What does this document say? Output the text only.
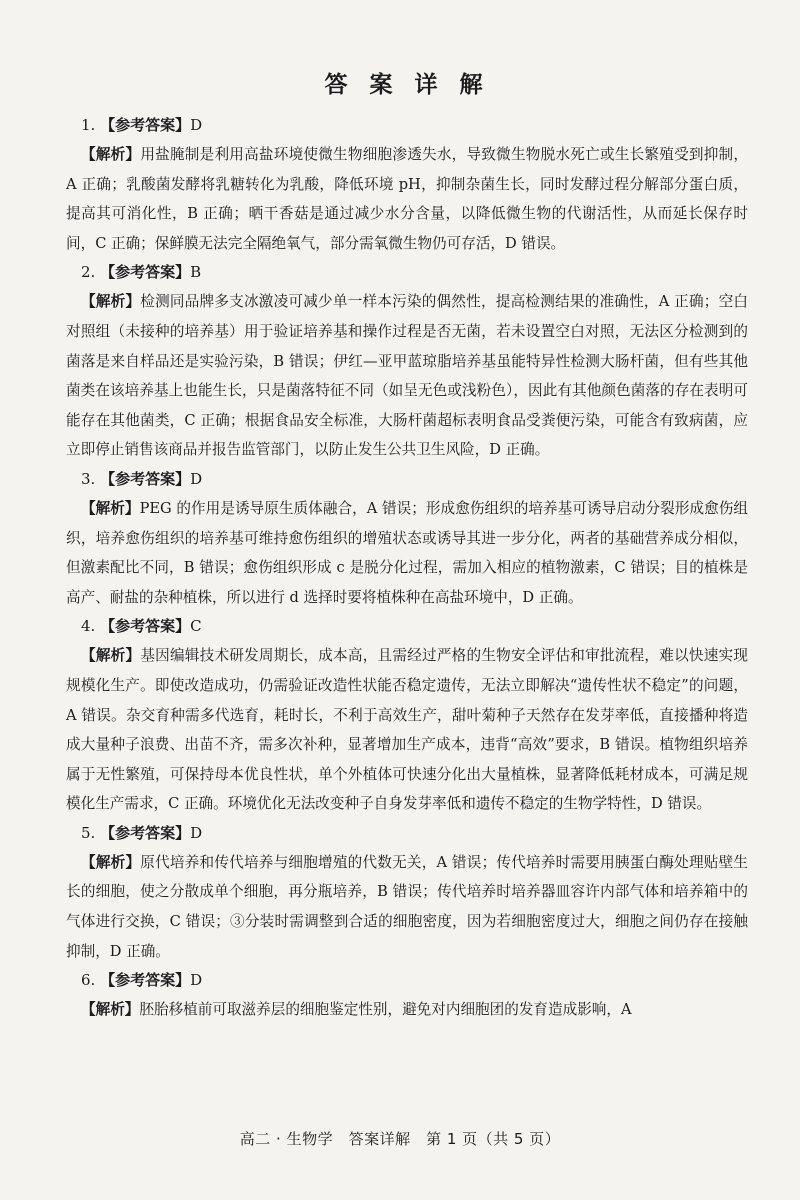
答 案 详 解

1. 【参考答案】D

【解析】用盐腌制是利用高盐环境使微生物细胞渗透失水，导致微生物脱水死亡或生长繁殖受到抑制，A 正确；乳酸菌发酵将乳糖转化为乳酸，降低环境 pH，抑制杂菌生长，同时发酵过程分解部分蛋白质，提高其可消化性，B 正确；晒干香菇是通过减少水分含量，以降低微生物的代谢活性，从而延长保存时间，C 正确；保鲜膜无法完全隔绝氧气，部分需氧微生物仍可存活，D 错误。

2. 【参考答案】B

【解析】检测同品牌多支冰激凌可减少单一样本污染的偶然性，提高检测结果的准确性，A 正确；空白对照组（未接种的培养基）用于验证培养基和操作过程是否无菌，若未设置空白对照，无法区分检测到的菌落是来自样品还是实验污染，B 错误；伊红—亚甲蓝琼脂培养基虽能特异性检测大肠杆菌，但有些其他菌类在该培养基上也能生长，只是菌落特征不同（如呈无色或浅粉色），因此有其他颜色菌落的存在表明可能存在其他菌类，C 正确；根据食品安全标准，大肠杆菌超标表明食品受粪便污染，可能含有致病菌，应立即停止销售该商品并报告监管部门，以防止发生公共卫生风险，D 正确。

3. 【参考答案】D

【解析】PEG 的作用是诱导原生质体融合，A 错误；形成愈伤组织的培养基可诱导启动分裂形成愈伤组织，培养愈伤组织的培养基可维持愈伤组织的增殖状态或诱导其进一步分化，两者的基础营养成分相似，但激素配比不同，B 错误；愈伤组织形成 c 是脱分化过程，需加入相应的植物激素，C 错误；目的植株是高产、耐盐的杂种植株，所以进行 d 选择时要将植株种在高盐环境中，D 正确。

4. 【参考答案】C

【解析】基因编辑技术研发周期长，成本高，且需经过严格的生物安全评估和审批流程，难以快速实现规模化生产。即使改造成功，仍需验证改造性状能否稳定遗传，无法立即解决“遗传性状不稳定”的问题，A 错误。杂交育种需多代选育，耗时长，不利于高效生产，甜叶菊种子天然存在发芽率低，直接播种将造成大量种子浪费、出苗不齐，需多次补种，显著增加生产成本，违背“高效”要求，B 错误。植物组织培养属于无性繁殖，可保持母本优良性状，单个外植体可快速分化出大量植株，显著降低耗材成本，可满足规模化生产需求，C 正确。环境优化无法改变种子自身发芽率低和遗传不稳定的生物学特性，D 错误。

5. 【参考答案】D

【解析】原代培养和传代培养与细胞增殖的代数无关，A 错误；传代培养时需要用胰蛋白酶处理贴壁生长的细胞，使之分散成单个细胞，再分瓶培养，B 错误；传代培养时培养器皿容许内部气体和培养箱中的气体进行交换，C 错误；③分装时需调整到合适的细胞密度，因为若细胞密度过大，细胞之间仍存在接触抑制，D 正确。

6. 【参考答案】D

【解析】胚胎移植前可取滋养层的细胞鉴定性别，避免对内细胞团的发育造成影响，A

高二 · 生物学　答案详解　第 1 页（共 5 页）
